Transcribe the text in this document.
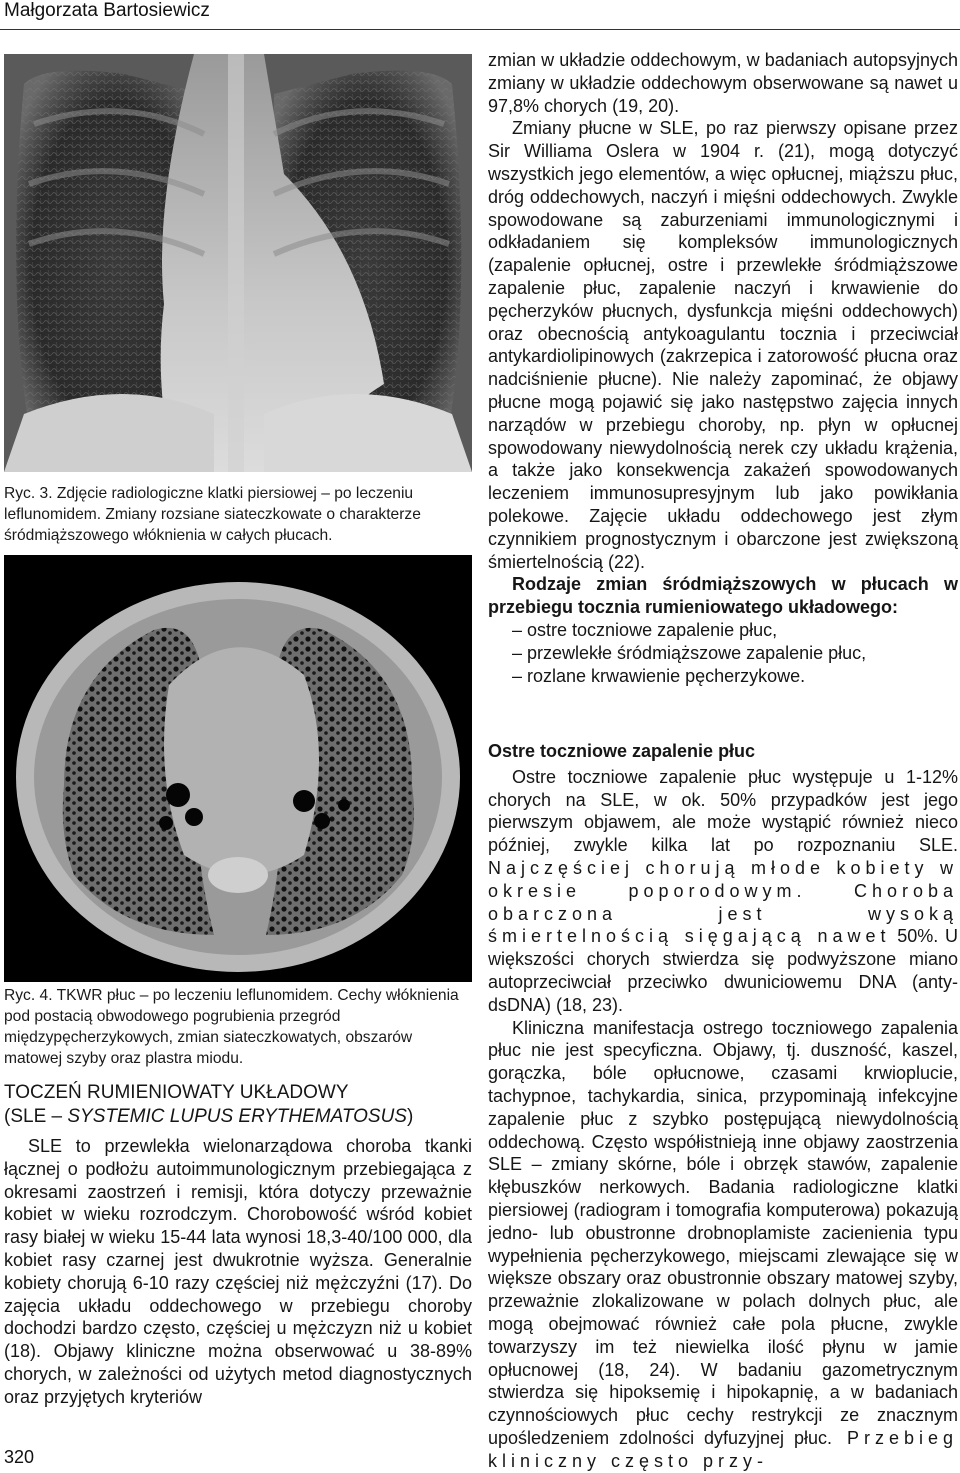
Małgorzata Bartosiewicz

Ryc. 3. Zdjęcie radiologiczne klatki piersiowej – po leczeniu leflunomidem. Zmiany rozsiane siateczkowate o charakterze śródmiąższowego włóknienia w całych płucach.

Ryc. 4. TKWR płuc – po leczeniu leflunomidem. Cechy włóknienia pod postacią obwodowego pogrubienia przegród międzypęcherzykowych, zmian siateczkowatych, obszarów matowej szyby oraz plastra miodu.

TOCZEŃ RUMIENIOWATY UKŁADOWY
(SLE – SYSTEMIC LUPUS ERYTHEMATOSUS)

SLE to przewlekła wielonarządowa choroba tkanki łącznej o podłożu autoimmunologicznym przebiegająca z okresami zaostrzeń i remisji, która dotyczy przeważnie kobiet w wieku rozrodczym. Chorobowość wśród kobiet rasy białej w wieku 15-44 lata wynosi 18,3-40/100 000, dla kobiet rasy czarnej jest dwukrotnie wyższa. Generalnie kobiety chorują 6-10 razy częściej niż mężczyźni (17). Do zajęcia układu oddechowego w przebiegu choroby dochodzi bardzo często, częściej u mężczyzn niż u kobiet (18). Objawy kliniczne można obserwować u 38-89% chorych, w zależności od użytych metod diagnostycznych oraz przyjętych kryteriów

zmian w układzie oddechowym, w badaniach autopsyjnych zmiany w układzie oddechowym obserwowane są nawet u 97,8% chorych (19, 20).

Zmiany płucne w SLE, po raz pierwszy opisane przez Sir Williama Oslera w 1904 r. (21), mogą dotyczyć wszystkich jego elementów, a więc opłucnej, miąższu płuc, dróg oddechowych, naczyń i mięśni oddechowych. Zwykle spowodowane są zaburzeniami immunologicznymi i odkładaniem się kompleksów immunologicznych (zapalenie opłucnej, ostre i przewlekłe śródmiąższowe zapalenie płuc, zapalenie naczyń i krwawienie do pęcherzyków płucnych, dysfunkcja mięśni oddechowych) oraz obecnością antykoagulantu tocznia i przeciwciał antykardiolipinowych (zakrzepica i zatorowość płucna oraz nadciśnienie płucne). Nie należy zapominać, że objawy płucne mogą pojawić się jako następstwo zajęcia innych narządów w przebiegu choroby, np. płyn w opłucnej spowodowany niewydolnością nerek czy układu krążenia, a także jako konsekwencja zakażeń spowodowanych leczeniem immunosupresyjnym lub jako powikłania polekowe. Zajęcie układu oddechowego jest złym czynnikiem prognostycznym i obarczone jest zwiększoną śmiertelnością (22).

Rodzaje zmian śródmiąższowych w płucach w przebiegu tocznia rumieniowatego układowego:

– ostre toczniowe zapalenie płuc,
– przewlekłe śródmiąższowe zapalenie płuc,
– rozlane krwawienie pęcherzykowe.

Ostre toczniowe zapalenie płuc

Ostre toczniowe zapalenie płuc występuje u 1-12% chorych na SLE, w ok. 50% przypadków jest jego pierwszym objawem, ale może wystąpić również nieco później, zwykle kilka lat po rozpoznaniu SLE. Najczęściej chorują młode kobiety w okresie poporodowym. Choroba obarczona jest wysoką śmiertelnością sięgającą nawet 50%. U większości chorych stwierdza się podwyższone miano autoprzeciwciał przeciwko dwuniciowemu DNA (anty-dsDNA) (18, 23).

Kliniczna manifestacja ostrego toczniowego zapalenia płuc nie jest specyficzna. Objawy, tj. duszność, kaszel, gorączka, bóle opłucnowe, czasami krwioplucie, tachypnoe, tachykardia, sinica, przypominają infekcyjne zapalenie płuc z szybko postępującą niewydolnością oddechową. Często współistnieją inne objawy zaostrzenia SLE – zmiany skórne, bóle i obrzęk stawów, zapalenie kłębuszków nerkowych. Badania radiologiczne klatki piersiowej (radiogram i tomografia komputerowa) pokazują jedno- lub obustronne drobnoplamiste zacienienia typu wypełnienia pęcherzykowego, miejscami zlewające się w większe obszary oraz obustronnie obszary matowej szyby, przeważnie zlokalizowane w polach dolnych płuc, ale mogą obejmować również całe pola płucne, zwykle towarzyszy im też niewielka ilość płynu w jamie opłucnowej (18, 24). W badaniu gazometrycznym stwierdza się hipoksemię i hipokapnię, a w badaniach czynnościowych płuc cechy restrykcji ze znacznym upośledzeniem zdolności dyfuzyjnej płuc. Przebieg kliniczny często przy-

320
